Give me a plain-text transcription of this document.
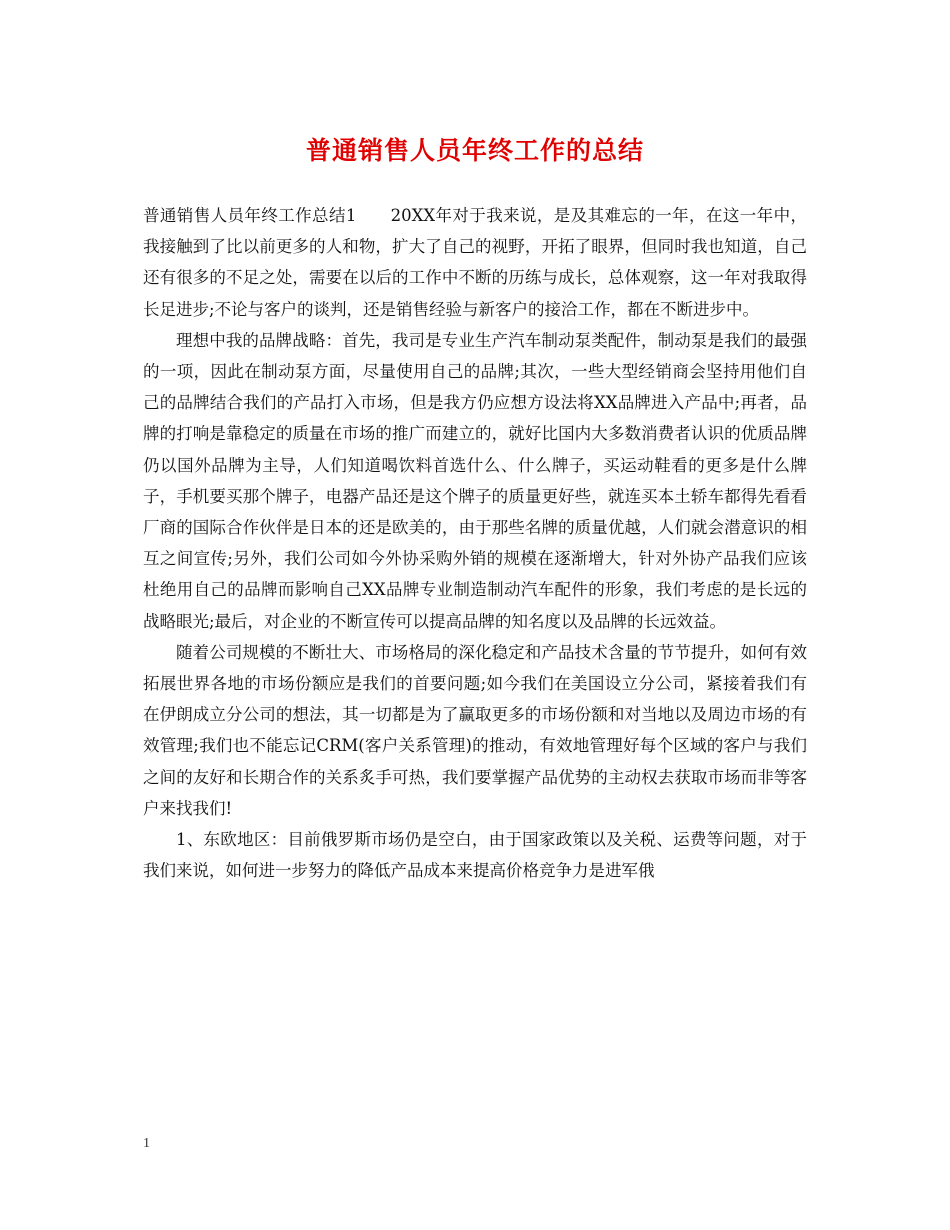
普通销售人员年终工作的总结

普通销售人员年终工作总结1　　20XX年对于我来说，是及其难忘的一年，在这一年中，我接触到了比以前更多的人和物，扩大了自己的视野，开拓了眼界，但同时我也知道，自己还有很多的不足之处，需要在以后的工作中不断的历练与成长，总体观察，这一年对我取得长足进步;不论与客户的谈判，还是销售经验与新客户的接洽工作，都在不断进步中。

理想中我的品牌战略：首先，我司是专业生产汽车制动泵类配件，制动泵是我们的最强的一项，因此在制动泵方面，尽量使用自己的品牌;其次，一些大型经销商会坚持用他们自己的品牌结合我们的产品打入市场，但是我方仍应想方设法将XX品牌进入产品中;再者，品牌的打响是靠稳定的质量在市场的推广而建立的，就好比国内大多数消费者认识的优质品牌仍以国外品牌为主导，人们知道喝饮料首选什么、什么牌子，买运动鞋看的更多是什么牌子，手机要买那个牌子，电器产品还是这个牌子的质量更好些，就连买本土轿车都得先看看厂商的国际合作伙伴是日本的还是欧美的，由于那些名牌的质量优越，人们就会潜意识的相互之间宣传;另外，我们公司如今外协采购外销的规模在逐渐增大，针对外协产品我们应该杜绝用自己的品牌而影响自己XX品牌专业制造制动汽车配件的形象，我们考虑的是长远的战略眼光;最后，对企业的不断宣传可以提高品牌的知名度以及品牌的长远效益。

随着公司规模的不断壮大、市场格局的深化稳定和产品技术含量的节节提升，如何有效拓展世界各地的市场份额应是我们的首要问题;如今我们在美国设立分公司，紧接着我们有在伊朗成立分公司的想法，其一切都是为了赢取更多的市场份额和对当地以及周边市场的有效管理;我们也不能忘记CRM(客户关系管理)的推动，有效地管理好每个区域的客户与我们之间的友好和长期合作的关系炙手可热，我们要掌握产品优势的主动权去获取市场而非等客户来找我们!

1、东欧地区：目前俄罗斯市场仍是空白，由于国家政策以及关税、运费等问题，对于我们来说，如何进一步努力的降低产品成本来提高价格竞争力是进军俄

1
